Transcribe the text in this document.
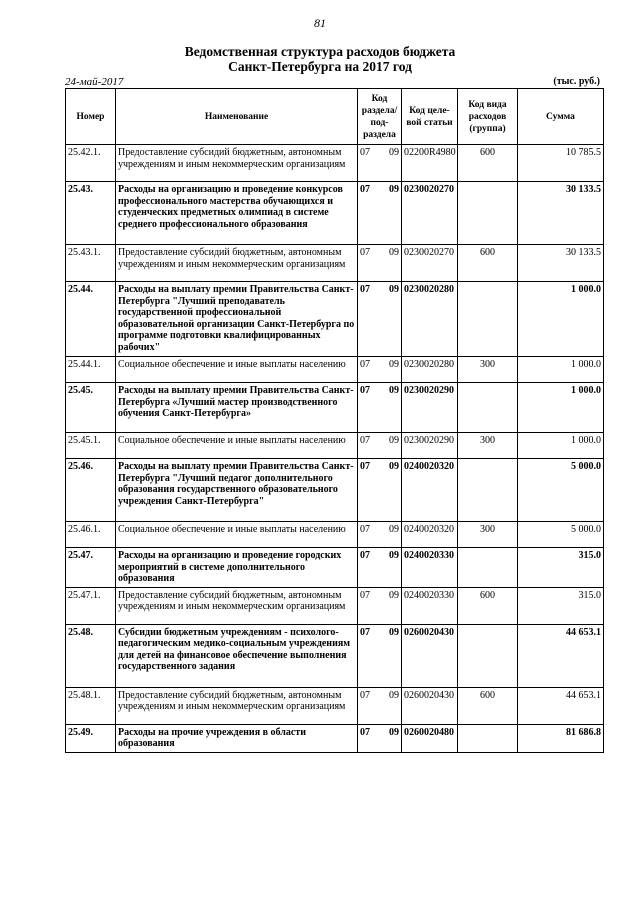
81
Ведомственная структура расходов бюджета
Санкт-Петербурга на 2017 год
24-май-2017	(тыс. руб.)
Номер	Наименование	Код раздела/ под-раздела	Код целе-вой статьи	Код вида расходов (группа)	Сумма
25.42.1.	Предоставление субсидий бюджетным, автономным учреждениям и иным некоммерческим организациям	07 09	02200R4980	600	10 785.5
25.43.	Расходы на организацию и проведение конкурсов профессионального мастерства обучающихся и студенческих предметных олимпиад в системе среднего профессионального образования	07 09	0230020270		30 133.5
25.43.1.	Предоставление субсидий бюджетным, автономным учреждениям и иным некоммерческим организациям	07 09	0230020270	600	30 133.5
25.44.	Расходы на выплату премии Правительства Санкт-Петербурга "Лучший преподаватель государственной профессиональной образовательной организации Санкт-Петербурга по программе подготовки квалифицированных рабочих"	07 09	0230020280		1 000.0
25.44.1.	Социальное обеспечение и иные выплаты населению	07 09	0230020280	300	1 000.0
25.45.	Расходы на выплату премии Правительства Санкт-Петербурга «Лучший мастер производственного обучения Санкт-Петербурга»	07 09	0230020290		1 000.0
25.45.1.	Социальное обеспечение и иные выплаты населению	07 09	0230020290	300	1 000.0
25.46.	Расходы на выплату премии Правительства Санкт-Петербурга "Лучший педагог дополнительного образования государственного образовательного учреждения Санкт-Петербурга"	07 09	0240020320		5 000.0
25.46.1.	Социальное обеспечение и иные выплаты населению	07 09	0240020320	300	5 000.0
25.47.	Расходы на организацию и проведение городских мероприятий в системе дополнительного образования	07 09	0240020330		315.0
25.47.1.	Предоставление субсидий бюджетным, автономным учреждениям и иным некоммерческим организациям	07 09	0240020330	600	315.0
25.48.	Субсидии бюджетным учреждениям - психолого-педагогическим медико-социальным учреждениям для детей на финансовое обеспечение выполнения государственного задания	07 09	0260020430		44 653.1
25.48.1.	Предоставление субсидий бюджетным, автономным учреждениям и иным некоммерческим организациям	07 09	0260020430	600	44 653.1
25.49.	Расходы на прочие учреждения в области образования	07 09	0260020480		81 686.8
